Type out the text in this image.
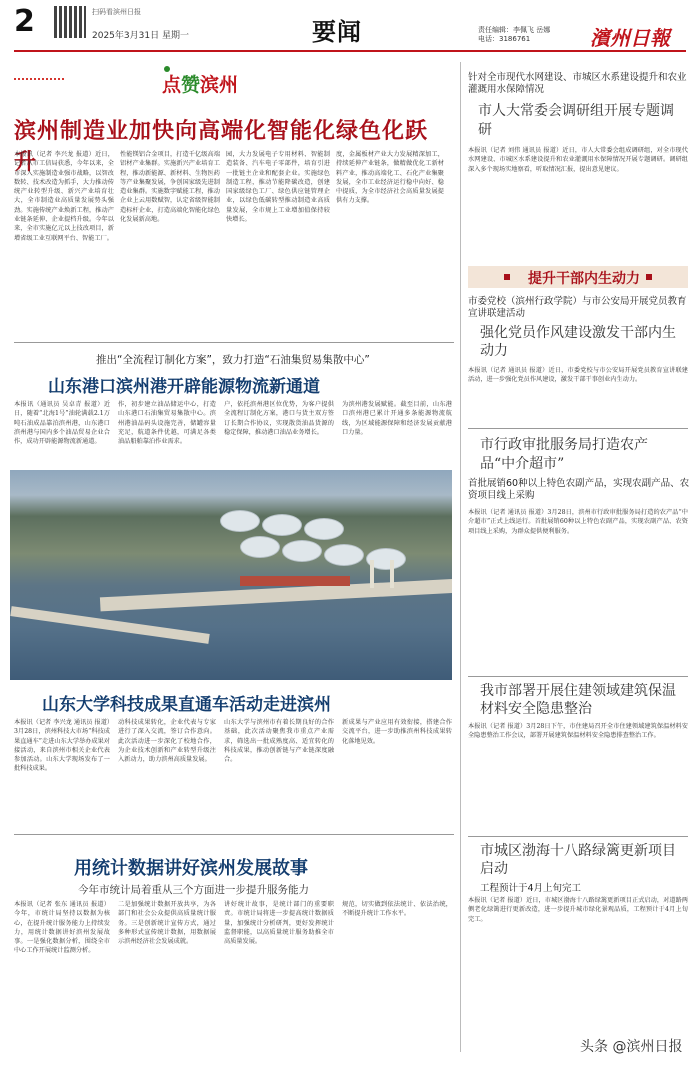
2	扫码看滨州日报
2025年3月31日 星期一	要闻	责任编辑：李佩飞 岳娜
电话：3186761	濱州日報
点赞滨州
滨州制造业加快向高端化智能化绿色化跃升
本报讯（记者 李兴龙 报道）近日，记者从市工信局获悉，今年以来，全市深入实施制造业强市战略，以智改数转、技术改造为抓手，大力推动传统产业转型升级、新兴产业培育壮大，全市制造业高质量发展势头强劲。实施传统产业焕新工程，推动产业链条延伸、企业提档升级。今年以来，全市实施亿元以上技改项目，新增省级工业互联网平台、智能工厂。
性能镁铝合金项目，打造千亿级高端铝材产业集群。实施新兴产业培育工程，推动新能源、新材料、生物医药等产业集聚发展，争创国家级先进制造业集群。实施数字赋能工程，推动企业上云用数赋智，认定省级智能制造标杆企业，打造高端化智能化绿色化发展新高地。
园，大力发展电子专用材料、智能制造装备、汽车电子零部件，培育引进一批链主企业和配套企业。实施绿色制造工程，推动节能降碳改造，创建国家级绿色工厂、绿色供应链管理企业，以绿色低碳转型推动制造业高质量发展，全市规上工业增加值保持较快增长。
度，金属板材产业大力发展精深加工，持续延伸产业链条，做精做优化工新材料产业，推动高端化工、石化产业集聚发展，全市工业经济运行稳中向好、稳中提质，为全市经济社会高质量发展提供有力支撑。
推出“全流程订制化方案”，致力打造“石油集贸易集散中心”
山东港口滨州港开辟能源物流新通道
本报讯（通讯员 吴卓青 报道）近日，随着“北海1号”油轮满载2.1万吨石油成品靠泊滨州港，山东港口滨州港与国内多个油品贸易企业合作，成功开辟能源物流新通道。
作，初步建立油品储运中心，打造山东港口石油集贸易集散中心。滨州港油品码头设施完善，储罐容量充足，航道条件优越，可满足各类油品船舶靠泊作业需求。
户，依托滨州港区位优势，为客户提供全流程订制化方案，港口与货主双方签订长期合作协议，实现散货油品货源的稳定保障，推动港口油品业务增长。
为滨州港发展赋能。截至目前，山东港口滨州港已累计开通多条能源物流航线，为区域能源保障和经济发展贡献港口力量。
山东大学科技成果直通车活动走进滨州
本报讯（记者 李兴龙 通讯员 报道）3月28日，滨州科技大市场“科技成果直通车”走进山东大学举办成果对接活动，来自滨州市相关企业代表参加活动。山东大学现场发布了一批科技成果。
动科技成果转化，企业代表与专家进行了深入交流，签订合作意向。此次活动进一步深化了校地合作，为企业技术创新和产业转型升级注入新动力，助力滨州高质量发展。
山东大学与滨州市有着长期良好的合作基础，此次活动聚焦我市重点产业需求，筛选出一批成熟度高、适宜转化的科技成果，推动创新链与产业链深度融合。
新成果与产业应用有效衔接，搭建合作交流平台，进一步助推滨州科技成果转化落地见效。
用统计数据讲好滨州发展故事
今年市统计局着重从三个方面进一步提升服务能力
本报讯（记者 张东 通讯员 报道）今年，市统计局坚持以数据为核心，在提升统计服务能力上持续发力，用统计数据讲好滨州发展故事。一是强化数据分析，围绕全市中心工作开展统计监测分析。
二是加强统计数据开放共享，为各部门和社会公众提供高质量统计服务。三是创新统计宣传方式，通过多种形式宣传统计数据，用数据展示滨州经济社会发展成就。
讲好统计故事，是统计部门的重要职责。市统计局将进一步提高统计数据质量，加强统计分析研判，更好发挥统计监督职能，以高质量统计服务助推全市高质量发展。
规范，切实做到依法统计、依法治统，不断提升统计工作水平。
针对全市现代水网建设、市城区水系建设提升和农业灌溉用水保障情况
市人大常委会调研组开展专题调研
本报讯（记者 刘伟 通讯员 报道）近日，市人大常委会组成调研组，对全市现代水网建设、市城区水系建设提升和农业灌溉用水保障情况开展专题调研。调研组深入多个现场实地察看，听取情况汇报，提出意见建议。
提升干部内生动力
市委党校（滨州行政学院）与市公安局开展党员教育宣讲联建活动
强化党员作风建设激发干部内生动力
本报讯（记者 通讯员 报道）近日，市委党校与市公安局开展党员教育宣讲联建活动，进一步强化党员作风建设，激发干部干事创业内生动力。
市行政审批服务局打造农产品“中介超市”
首批展销60种以上特色农副产品，实现农副产品、农资项目线上采购
本报讯（记者 通讯员 报道）3月28日，滨州市行政审批服务局打造的农产品“中介超市”正式上线运行。首批展销60种以上特色农副产品，实现农副产品、农资项目线上采购，为群众提供便利服务。
我市部署开展住建领域建筑保温材料安全隐患整治
本报讯（记者 报道）3月28日下午，市住建局召开全市住建领域建筑保温材料安全隐患整治工作会议，部署开展建筑保温材料安全隐患排查整治工作。
市城区渤海十八路绿篱更新项目启动
工程预计于4月上旬完工
本报讯（记者 报道）近日，市城区渤海十八路绿篱更新项目正式启动，对道路两侧老化绿篱进行更新改造，进一步提升城市绿化景观品质，工程预计于4月上旬完工。
头条 @滨州日报
